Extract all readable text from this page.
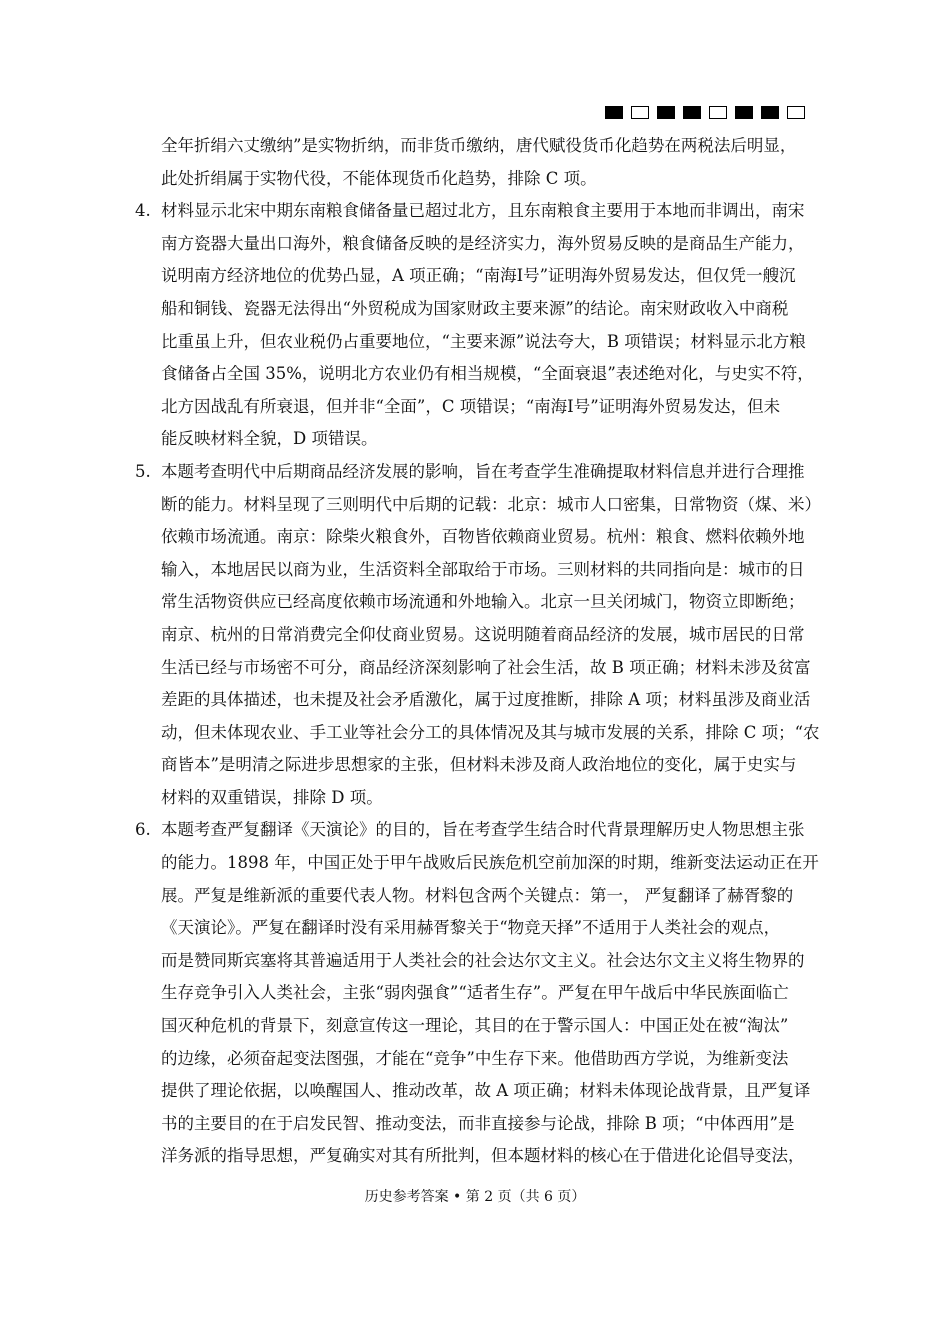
全年折绢六丈缴纳”是实物折纳，而非货币缴纳，唐代赋役货币化趋势在两税法后明显，
此处折绢属于实物代役，不能体现货币化趋势，排除 C 项。
4. 材料显示北宋中期东南粮食储备量已超过北方，且东南粮食主要用于本地而非调出，南宋
南方瓷器大量出口海外，粮食储备反映的是经济实力，海外贸易反映的是商品生产能力，
说明南方经济地位的优势凸显，A 项正确；“南海Ⅰ号”证明海外贸易发达，但仅凭一艘沉
船和铜钱、瓷器无法得出“外贸税成为国家财政主要来源”的结论。南宋财政收入中商税
比重虽上升，但农业税仍占重要地位，“主要来源”说法夸大，B 项错误；材料显示北方粮
食储备占全国 35%，说明北方农业仍有相当规模，“全面衰退”表述绝对化，与史实不符，
北方因战乱有所衰退，但并非“全面”，C 项错误；“南海Ⅰ号”证明海外贸易发达，但未
能反映材料全貌，D 项错误。
5. 本题考查明代中后期商品经济发展的影响，旨在考查学生准确提取材料信息并进行合理推
断的能力。材料呈现了三则明代中后期的记载：北京：城市人口密集，日常物资（煤、米）
依赖市场流通。南京：除柴火粮食外，百物皆依赖商业贸易。杭州：粮食、燃料依赖外地
输入，本地居民以商为业，生活资料全部取给于市场。三则材料的共同指向是：城市的日
常生活物资供应已经高度依赖市场流通和外地输入。北京一旦关闭城门，物资立即断绝；
南京、杭州的日常消费完全仰仗商业贸易。这说明随着商品经济的发展，城市居民的日常
生活已经与市场密不可分，商品经济深刻影响了社会生活，故 B 项正确；材料未涉及贫富
差距的具体描述，也未提及社会矛盾激化，属于过度推断，排除 A 项；材料虽涉及商业活
动，但未体现农业、手工业等社会分工的具体情况及其与城市发展的关系，排除 C 项；“农
商皆本”是明清之际进步思想家的主张，但材料未涉及商人政治地位的变化，属于史实与
材料的双重错误，排除 D 项。
6. 本题考查严复翻译《天演论》的目的，旨在考查学生结合时代背景理解历史人物思想主张
的能力。1898 年，中国正处于甲午战败后民族危机空前加深的时期，维新变法运动正在开
展。严复是维新派的重要代表人物。材料包含两个关键点：第一， 严复翻译了赫胥黎的
《天演论》。严复在翻译时没有采用赫胥黎关于“物竞天择”不适用于人类社会的观点，
而是赞同斯宾塞将其普遍适用于人类社会的社会达尔文主义。社会达尔文主义将生物界的
生存竞争引入人类社会，主张“弱肉强食”“适者生存”。严复在甲午战后中华民族面临亡
国灭种危机的背景下，刻意宣传这一理论，其目的在于警示国人：中国正处在被“淘汰”
的边缘，必须奋起变法图强，才能在“竞争”中生存下来。他借助西方学说，为维新变法
提供了理论依据，以唤醒国人、推动改革，故 A 项正确；材料未体现论战背景，且严复译
书的主要目的在于启发民智、推动变法，而非直接参与论战，排除 B 项；“中体西用”是
洋务派的指导思想，严复确实对其有所批判，但本题材料的核心在于借进化论倡导变法，
历史参考答案 • 第 2 页（共 6 页）
